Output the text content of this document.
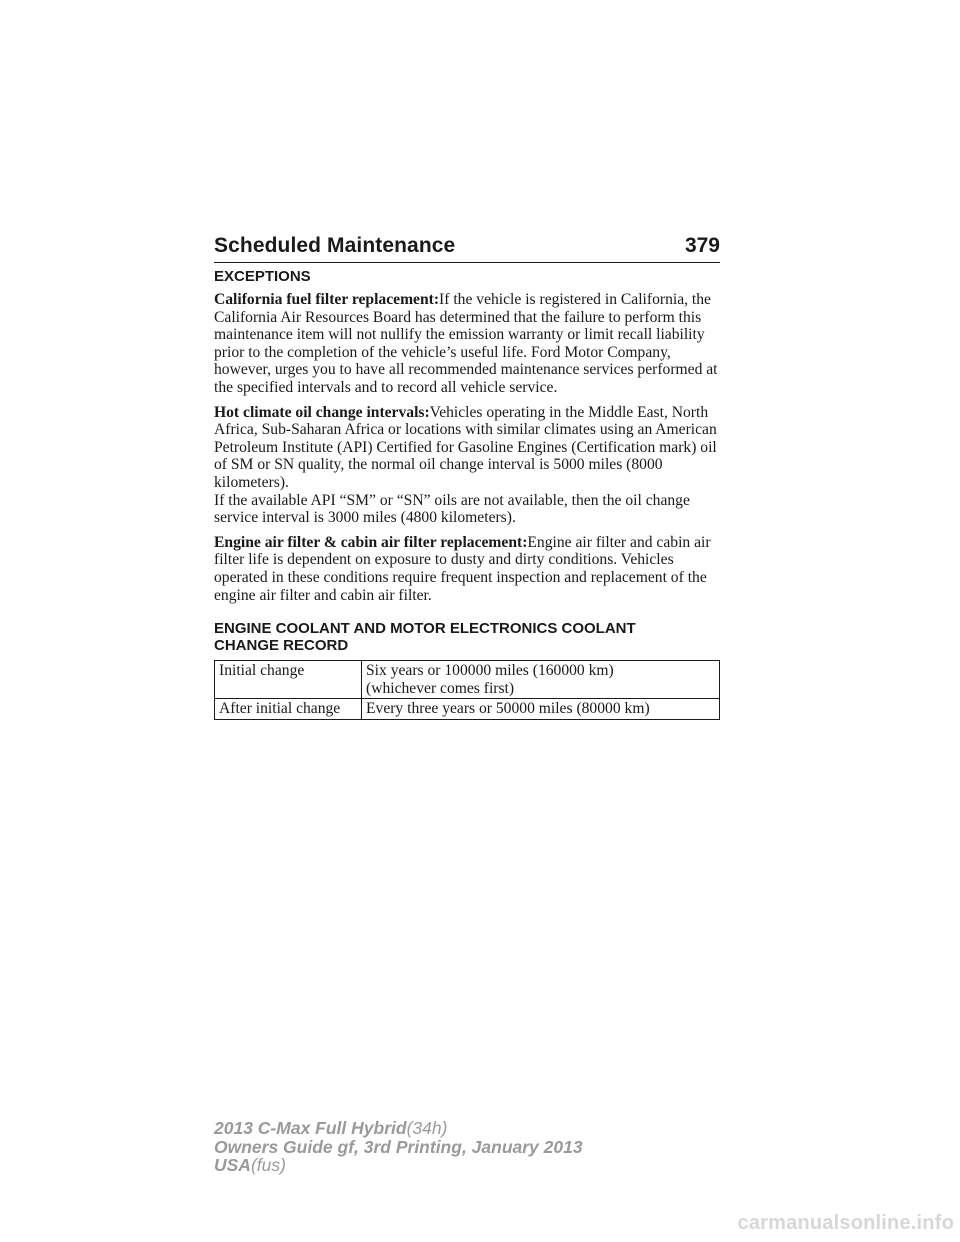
Scheduled Maintenance	379
EXCEPTIONS

California fuel filter replacement:If the vehicle is registered in California, the California Air Resources Board has determined that the failure to perform this maintenance item will not nullify the emission warranty or limit recall liability prior to the completion of the vehicle’s useful life. Ford Motor Company, however, urges you to have all recommended maintenance services performed at the specified intervals and to record all vehicle service.

Hot climate oil change intervals:Vehicles operating in the Middle East, North Africa, Sub-Saharan Africa or locations with similar climates using an American Petroleum Institute (API) Certified for Gasoline Engines (Certification mark) oil of SM or SN quality, the normal oil change interval is 5000 miles (8000 kilometers).

If the available API “SM” or “SN” oils are not available, then the oil change service interval is 3000 miles (4800 kilometers).

Engine air filter & cabin air filter replacement:Engine air filter and cabin air filter life is dependent on exposure to dusty and dirty conditions. Vehicles operated in these conditions require frequent inspection and replacement of the engine air filter and cabin air filter.

ENGINE COOLANT AND MOTOR ELECTRONICS COOLANT
CHANGE RECORD
Initial change	Six years or 100000 miles (160000 km)
(whichever comes first)
After initial change	Every three years or 50000 miles (80000 km)
2013 C-Max Full Hybrid(34h)
Owners Guide gf, 3rd Printing, January 2013
USA(fus)
carmanualsonline.info
